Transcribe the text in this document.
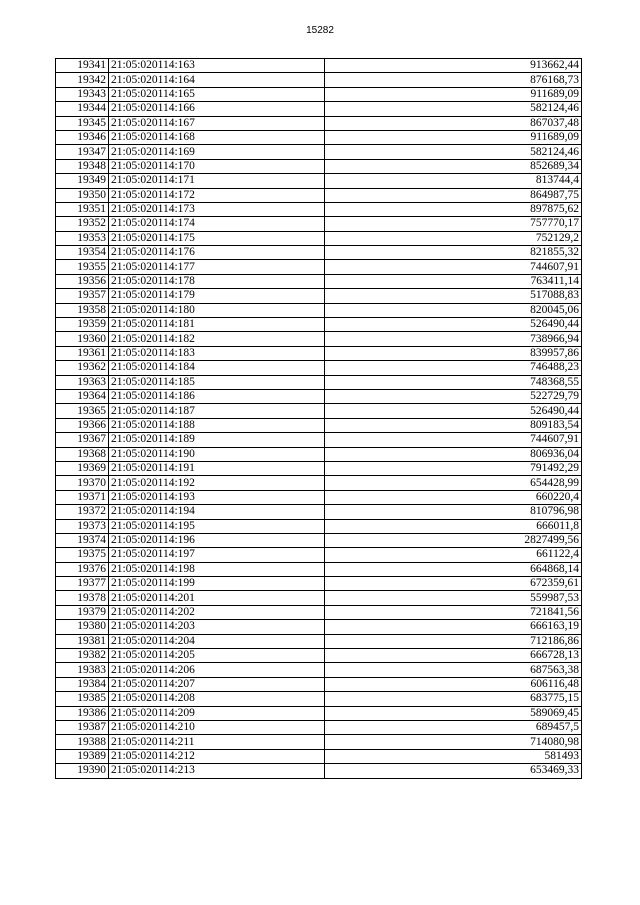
15282
19341	21:05:020114:163	913662,44
19342	21:05:020114:164	876168,73
19343	21:05:020114:165	911689,09
19344	21:05:020114:166	582124,46
19345	21:05:020114:167	867037,48
19346	21:05:020114:168	911689,09
19347	21:05:020114:169	582124,46
19348	21:05:020114:170	852689,34
19349	21:05:020114:171	813744,4
19350	21:05:020114:172	864987,75
19351	21:05:020114:173	897875,62
19352	21:05:020114:174	757770,17
19353	21:05:020114:175	752129,2
19354	21:05:020114:176	821855,32
19355	21:05:020114:177	744607,91
19356	21:05:020114:178	763411,14
19357	21:05:020114:179	517088,83
19358	21:05:020114:180	820045,06
19359	21:05:020114:181	526490,44
19360	21:05:020114:182	738966,94
19361	21:05:020114:183	839957,86
19362	21:05:020114:184	746488,23
19363	21:05:020114:185	748368,55
19364	21:05:020114:186	522729,79
19365	21:05:020114:187	526490,44
19366	21:05:020114:188	809183,54
19367	21:05:020114:189	744607,91
19368	21:05:020114:190	806936,04
19369	21:05:020114:191	791492,29
19370	21:05:020114:192	654428,99
19371	21:05:020114:193	660220,4
19372	21:05:020114:194	810796,98
19373	21:05:020114:195	666011,8
19374	21:05:020114:196	2827499,56
19375	21:05:020114:197	661122,4
19376	21:05:020114:198	664868,14
19377	21:05:020114:199	672359,61
19378	21:05:020114:201	559987,53
19379	21:05:020114:202	721841,56
19380	21:05:020114:203	666163,19
19381	21:05:020114:204	712186,86
19382	21:05:020114:205	666728,13
19383	21:05:020114:206	687563,38
19384	21:05:020114:207	606116,48
19385	21:05:020114:208	683775,15
19386	21:05:020114:209	589069,45
19387	21:05:020114:210	689457,5
19388	21:05:020114:211	714080,98
19389	21:05:020114:212	581493
19390	21:05:020114:213	653469,33
